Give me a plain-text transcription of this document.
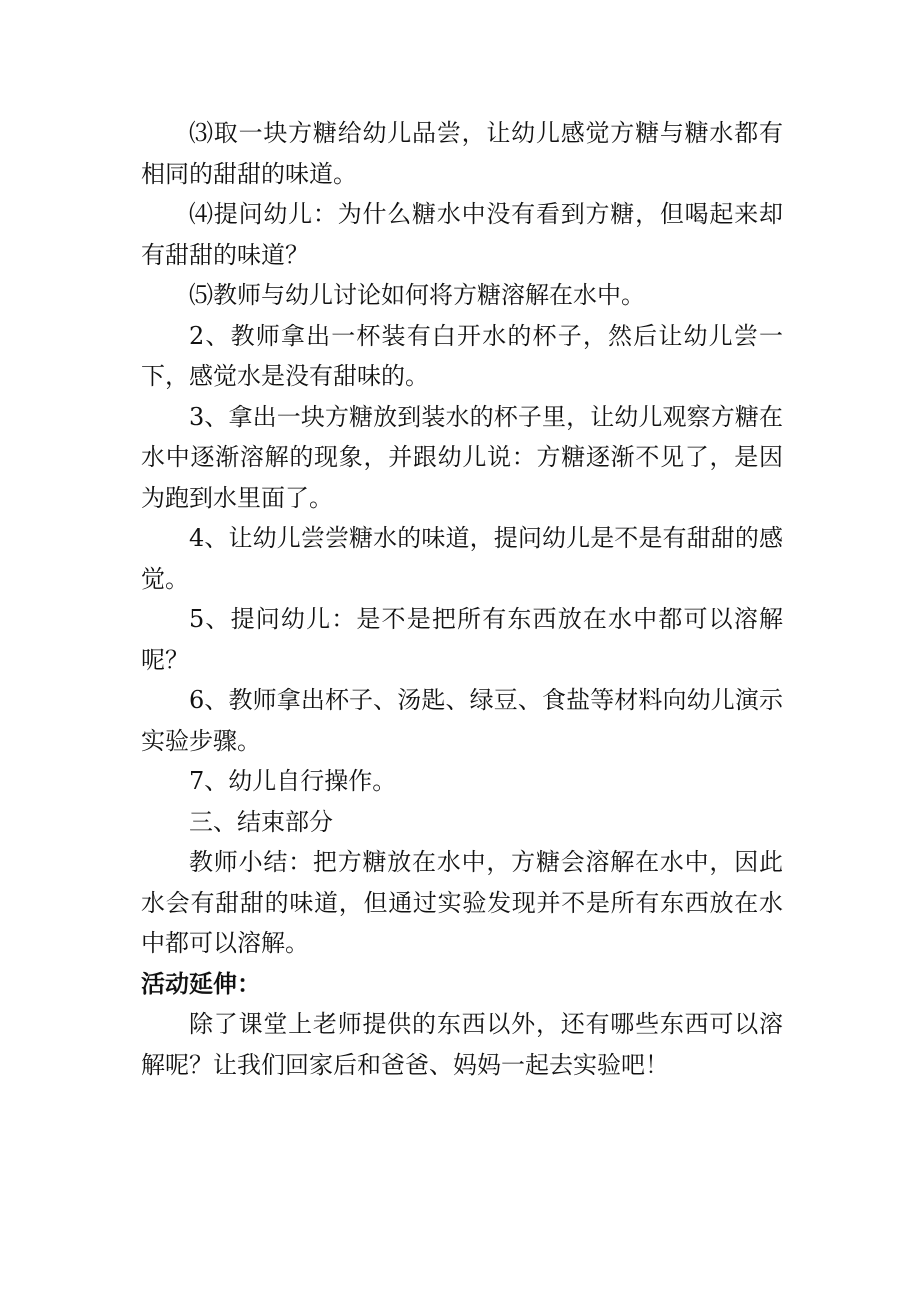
⑶取一块方糖给幼儿品尝，让幼儿感觉方糖与糖水都有相同的甜甜的味道。

⑷提问幼儿：为什么糖水中没有看到方糖，但喝起来却有甜甜的味道？

⑸教师与幼儿讨论如何将方糖溶解在水中。

2、教师拿出一杯装有白开水的杯子，然后让幼儿尝一下，感觉水是没有甜味的。

3、拿出一块方糖放到装水的杯子里，让幼儿观察方糖在水中逐渐溶解的现象，并跟幼儿说：方糖逐渐不见了，是因为跑到水里面了。

4、让幼儿尝尝糖水的味道，提问幼儿是不是有甜甜的感觉。

5、提问幼儿：是不是把所有东西放在水中都可以溶解呢？

6、教师拿出杯子、汤匙、绿豆、食盐等材料向幼儿演示实验步骤。

7、幼儿自行操作。

三、结束部分

教师小结：把方糖放在水中，方糖会溶解在水中，因此水会有甜甜的味道，但通过实验发现并不是所有东西放在水中都可以溶解。

活动延伸：

除了课堂上老师提供的东西以外，还有哪些东西可以溶解呢？让我们回家后和爸爸、妈妈一起去实验吧！
